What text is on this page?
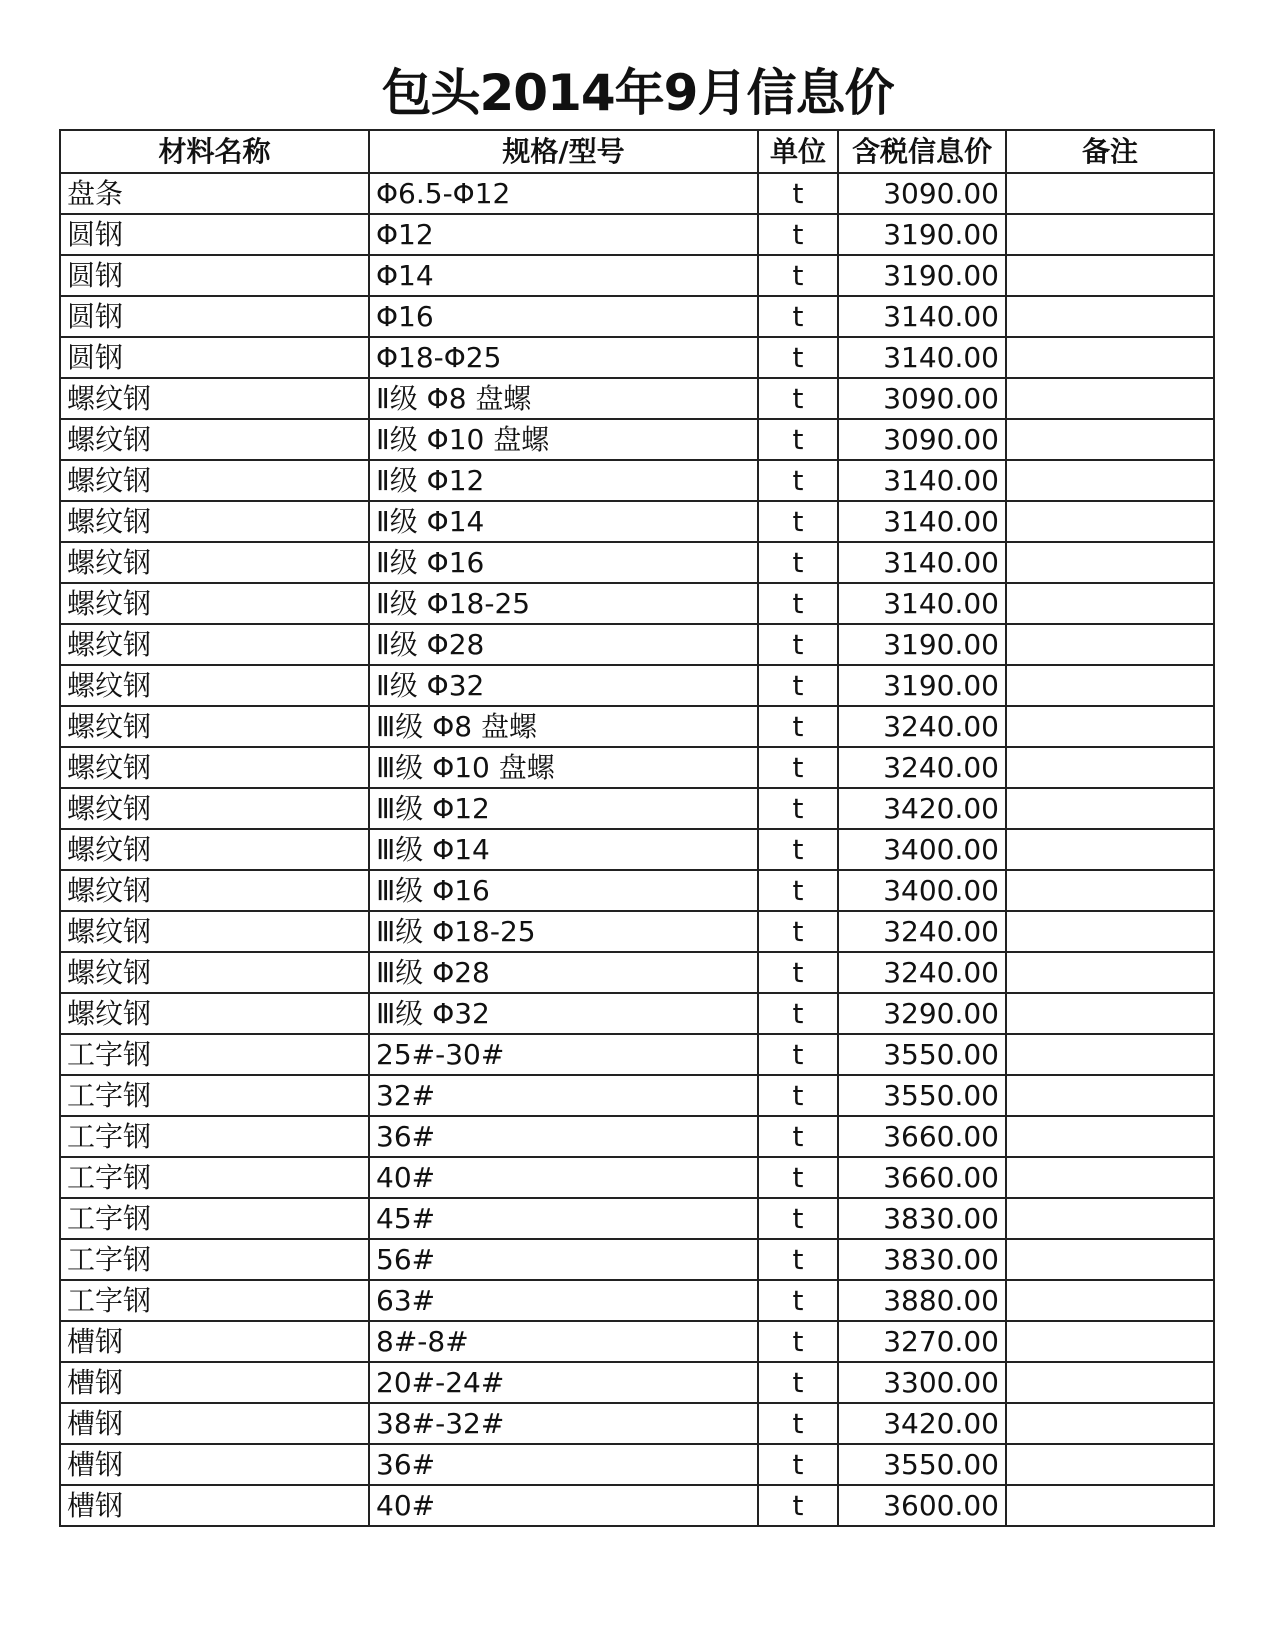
包头2014年9月信息价
材料名称	规格/型号	单位	含税信息价	备注
盘条	Φ6.5-Φ12	t	3090.00	
圆钢	Φ12	t	3190.00	
圆钢	Φ14	t	3190.00	
圆钢	Φ16	t	3140.00	
圆钢	Φ18-Φ25	t	3140.00	
螺纹钢	Ⅱ级 Φ8 盘螺	t	3090.00	
螺纹钢	Ⅱ级 Φ10 盘螺	t	3090.00	
螺纹钢	Ⅱ级 Φ12	t	3140.00	
螺纹钢	Ⅱ级 Φ14	t	3140.00	
螺纹钢	Ⅱ级 Φ16	t	3140.00	
螺纹钢	Ⅱ级 Φ18-25	t	3140.00	
螺纹钢	Ⅱ级 Φ28	t	3190.00	
螺纹钢	Ⅱ级 Φ32	t	3190.00	
螺纹钢	Ⅲ级 Φ8 盘螺	t	3240.00	
螺纹钢	Ⅲ级 Φ10 盘螺	t	3240.00	
螺纹钢	Ⅲ级 Φ12	t	3420.00	
螺纹钢	Ⅲ级 Φ14	t	3400.00	
螺纹钢	Ⅲ级 Φ16	t	3400.00	
螺纹钢	Ⅲ级 Φ18-25	t	3240.00	
螺纹钢	Ⅲ级 Φ28	t	3240.00	
螺纹钢	Ⅲ级 Φ32	t	3290.00	
工字钢	25#-30#	t	3550.00	
工字钢	32#	t	3550.00	
工字钢	36#	t	3660.00	
工字钢	40#	t	3660.00	
工字钢	45#	t	3830.00	
工字钢	56#	t	3830.00	
工字钢	63#	t	3880.00	
槽钢	8#-8#	t	3270.00	
槽钢	20#-24#	t	3300.00	
槽钢	38#-32#	t	3420.00	
槽钢	36#	t	3550.00	
槽钢	40#	t	3600.00	
